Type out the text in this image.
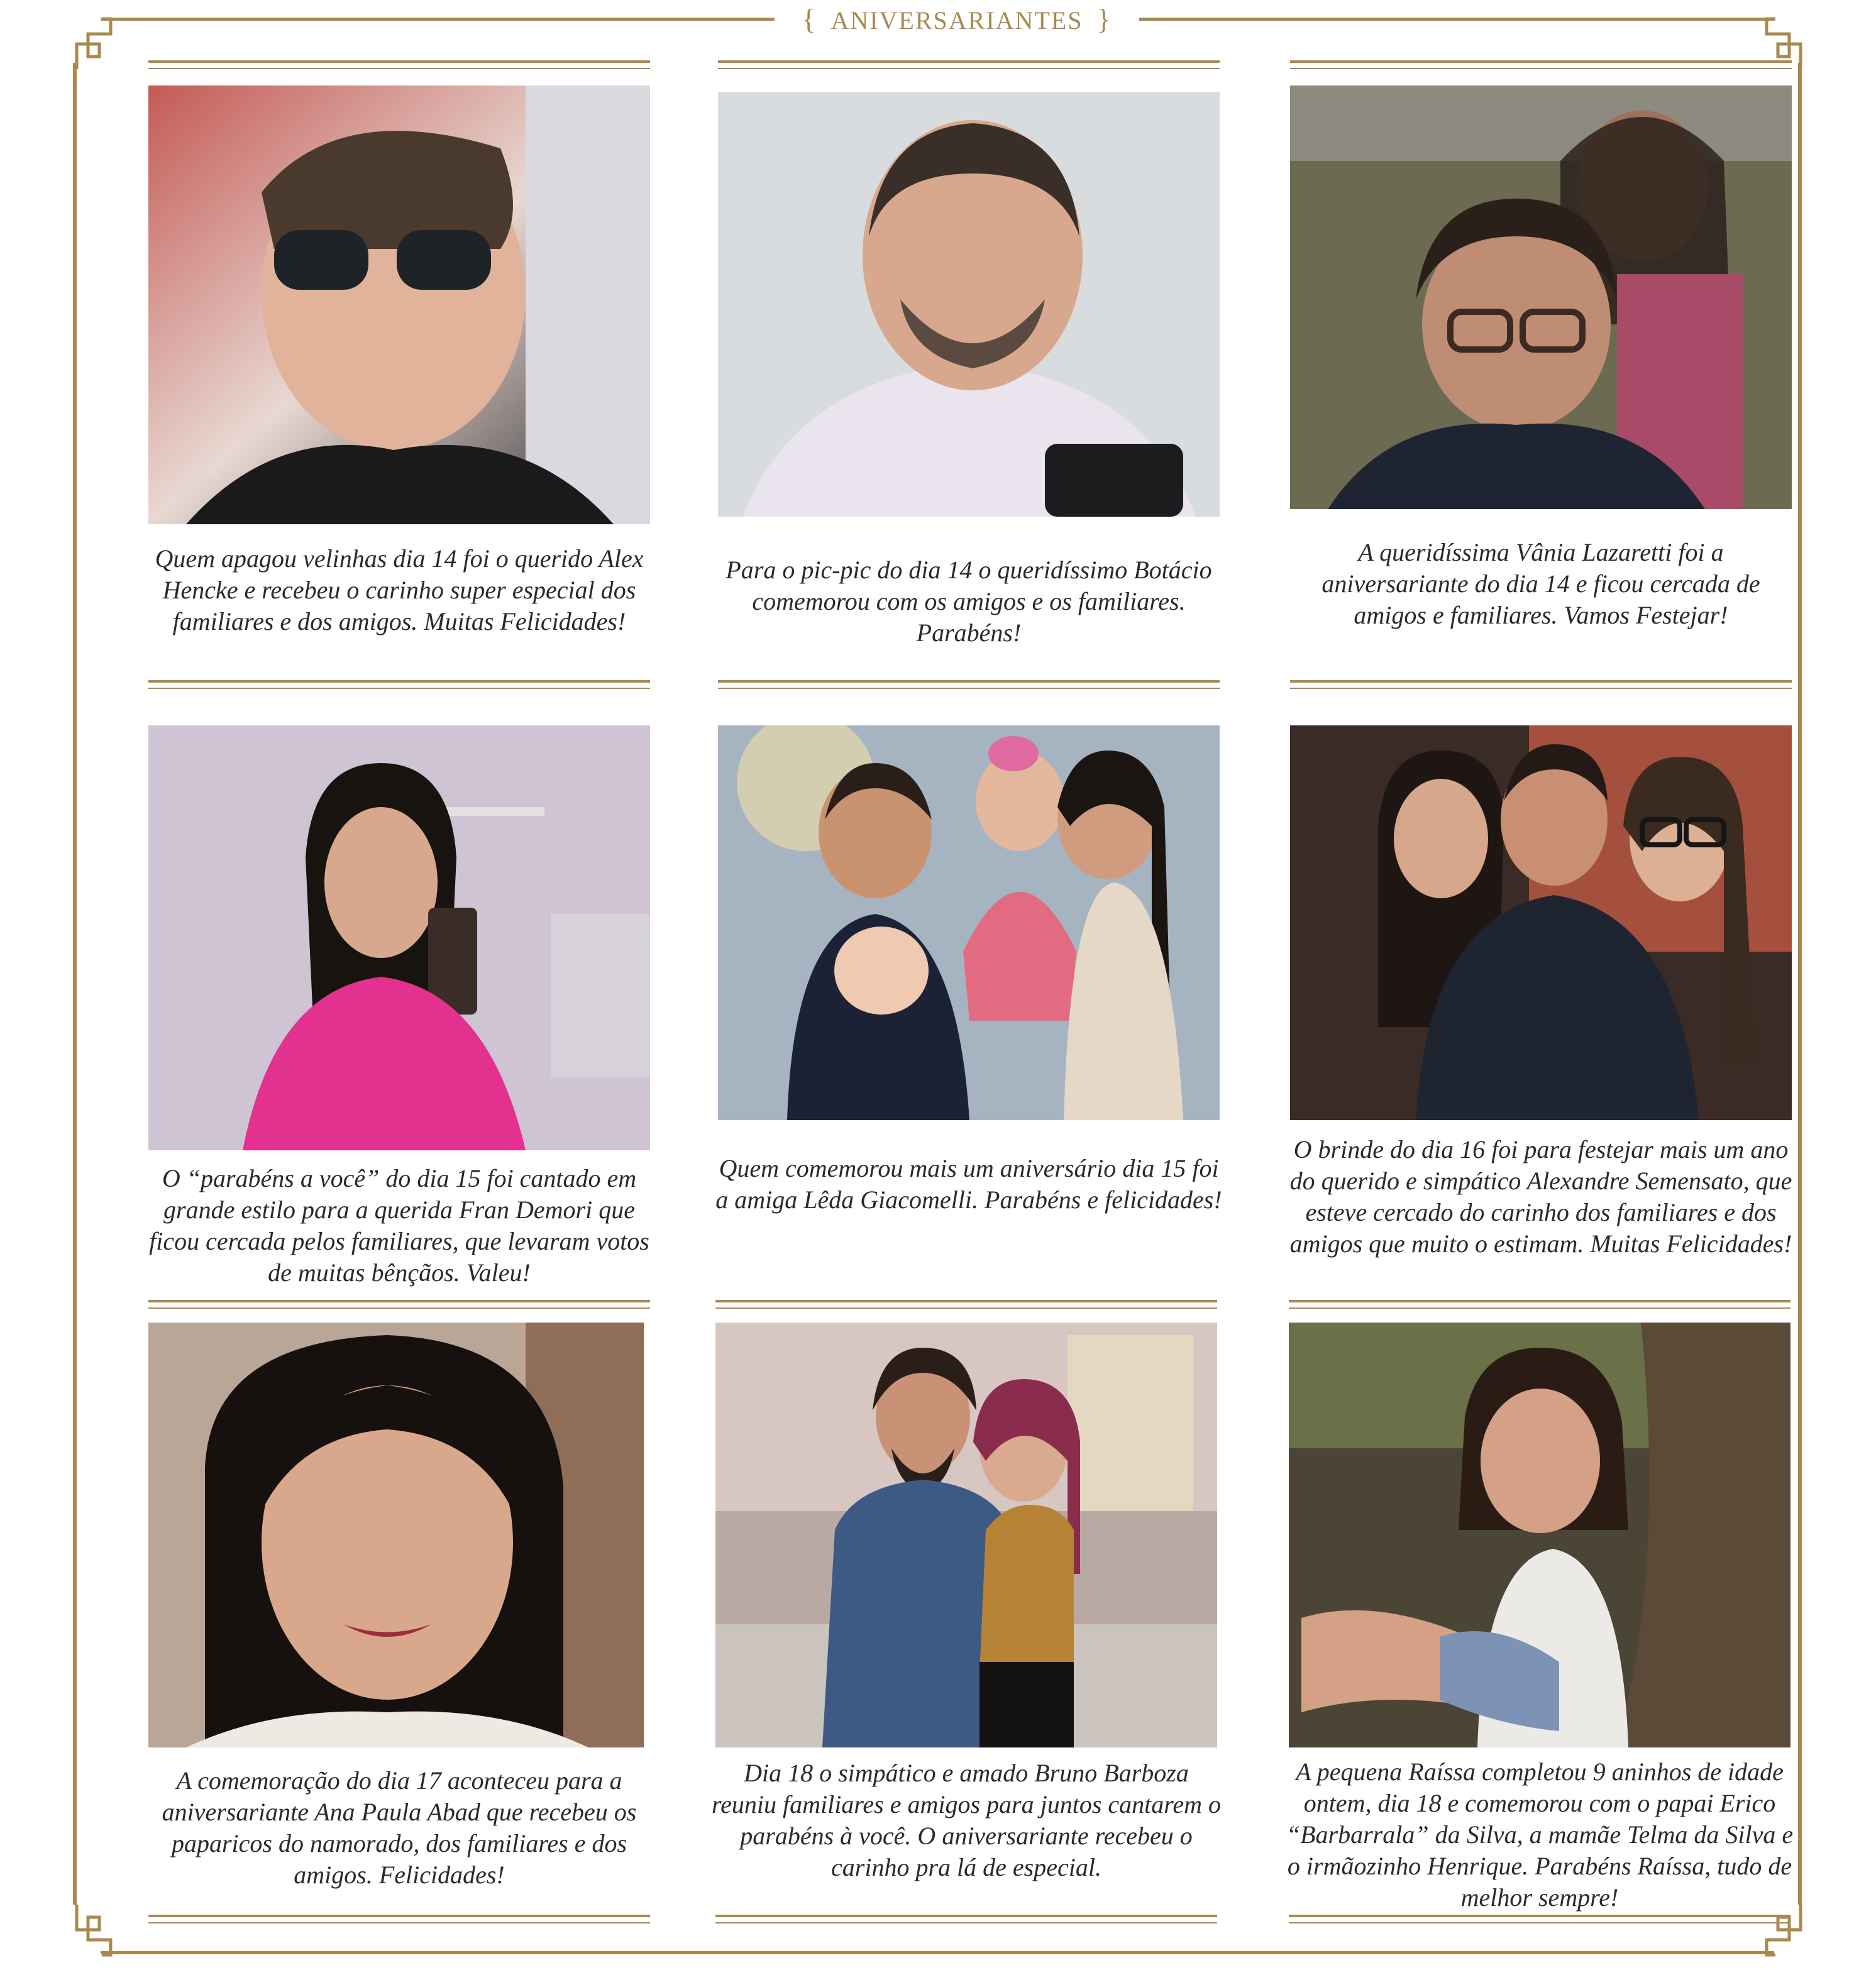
{ ANIVERSARIANTES }
Quem apagou velinhas dia 14 foi o querido Alex Hencke e recebeu o carinho super especial dos familiares e dos amigos. Muitas Felicidades!
Para o pic-pic do dia 14 o queridíssimo Botácio comemorou com os amigos e os familiares. Parabéns!
A queridíssima Vânia Lazaretti foi a aniversariante do dia 14 e ficou cercada de amigos e familiares. Vamos Festejar!
O “parabéns a você” do dia 15 foi cantado em grande estilo para a querida Fran Demori que ficou cercada pelos familiares, que levaram votos de muitas bênçãos. Valeu!
Quem comemorou mais um aniversário dia 15 foi a amiga Lêda Giacomelli. Parabéns e felicidades!
O brinde do dia 16 foi para festejar mais um ano do querido e simpático Alexandre Semensato, que esteve cercado do carinho dos familiares e dos amigos que muito o estimam. Muitas Felicidades!
A comemoração do dia 17 aconteceu para a aniversariante Ana Paula Abad que recebeu os paparicos do namorado, dos familiares e dos amigos. Felicidades!
Dia 18 o simpático e amado Bruno Barboza reuniu familiares e amigos para juntos cantarem o parabéns à você. O aniversariante recebeu o carinho pra lá de especial.
A pequena Raíssa completou 9 aninhos de idade ontem, dia 18 e comemorou com o papai Erico “Barbarrala” da Silva, a mamãe Telma da Silva e o irmãozinho Henrique. Parabéns Raíssa, tudo de melhor sempre!
